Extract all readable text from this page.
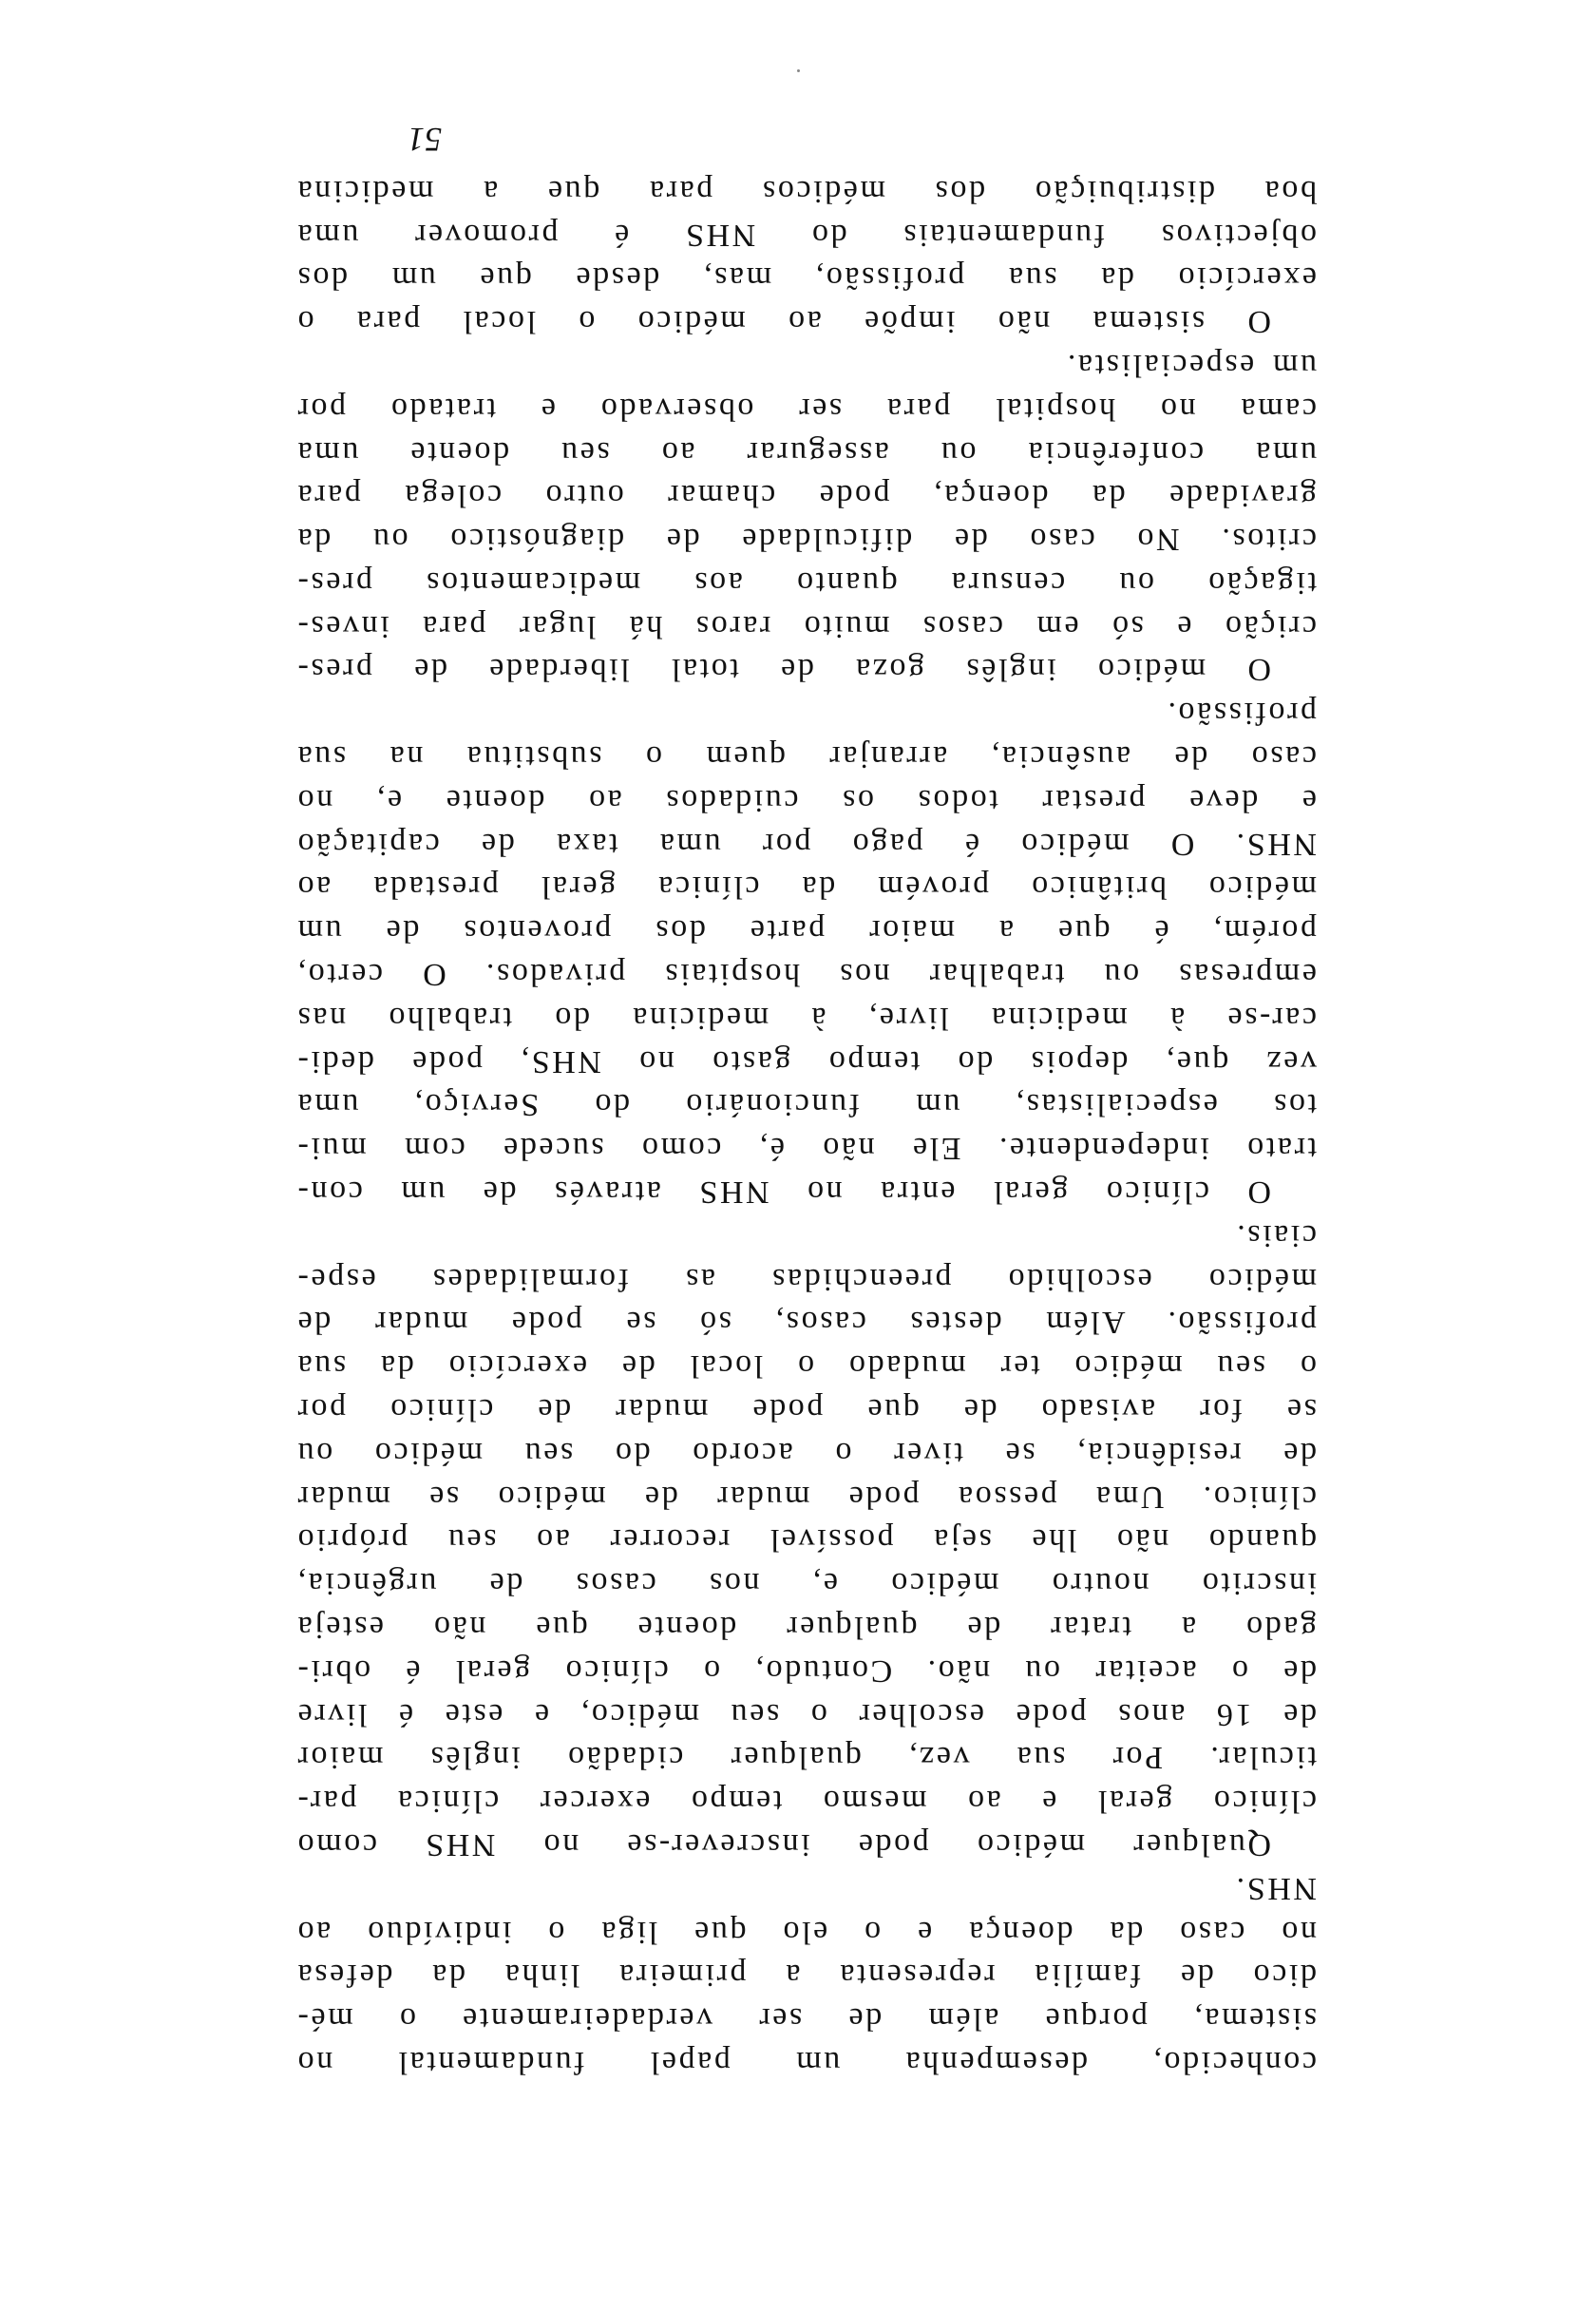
conhecido, desempenha um papel fundamental no
sistema, porque além de ser verdadeiramente o mé-
dico de família representa a primeira linha da defesa
no caso da doença e o elo que liga o indivíduo ao
NHS.
Qualquer médico pode inscrever-se no NHS como
clínico geral e ao mesmo tempo exercer clínica par-
ticular. Por sua vez, qualquer cidadão inglês maior
de 16 anos pode escolher o seu médico, e este é livre
de o aceitar ou não. Contudo, o clínico geral é obri-
gado a tratar de qualquer doente que não esteja
inscrito noutro médico e, nos casos de urgência,
quando não lhe seja possível recorrer ao seu próprio
clínico. Uma pessoa pode mudar de médico se mudar
de residência, se tiver o acordo do seu médico ou
se for avisado de que pode mudar de clínico por
o seu médico ter mudado o local de exercício da sua
profissão. Além destes casos, só se pode mudar de
médico escolhido preenchidas as formalidades espe-
ciais.
O clínico geral entra no NHS através de um con-
trato independente. Ele não é, como sucede com mui-
tos especialistas, um funcionário do Serviço, uma
vez que, depois do tempo gasto no NHS, pode dedi-
car-se à medicina livre, à medicina do trabalho nas
empresas ou trabalhar nos hospitais privados. O certo,
porém, é que a maior parte dos proventos de um
médico britânico provém da clínica geral prestada ao
NHS. O médico é pago por uma taxa de capitação
e deve prestar todos os cuidados ao doente e, no
caso de ausência, arranjar quem o substitua na sua
profissão.
O médico inglês goza de total liberdade de pres-
crição e só em casos muito raros há lugar para inves-
tigação ou censura quanto aos medicamentos pres-
critos. No caso de dificuldade de diagnóstico ou da
gravidade da doença, pode chamar outro colega para
uma conferência ou assegurar ao seu doente uma
cama no hospital para ser observado e tratado por
um especialista.
O sistema não impõe ao médico o local para o
exercício da sua profissão, mas, desde que um dos
objectivos fundamentais do NHS é promover uma
boa distribuição dos médicos para que a medicina
51
